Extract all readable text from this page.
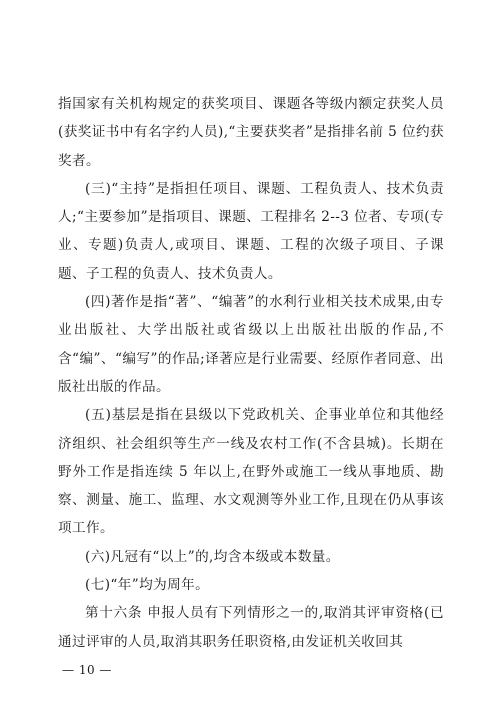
指国家有关机构规定的获奖项目、课题各等级内额定获奖人员(获奖证书中有名字约人员),“主要获奖者”是指排名前 5 位约获奖者。

(三)“主持”是指担任项目、课题、工程负责人、技术负责人;“主要参加”是指项目、课题、工程排名 2--3 位者、专项(专业、专题)负责人,或项目、课题、工程的次级子项目、子课题、子工程的负责人、技术负责人。

(四)著作是指“著”、“编著”的水利行业相关技术成果,由专业出版社、大学出版社或省级以上出版社出版的作品,不含“编”、“编写”的作品;译著应是行业需要、经原作者同意、出版社出版的作品。

(五)基层是指在县级以下党政机关、企事业单位和其他经济组织、社会组织等生产一线及农村工作(不含县城)。长期在野外工作是指连续 5 年以上,在野外或施工一线从事地质、勘察、测量、施工、监理、水文观测等外业工作,且现在仍从事该项工作。

(六)凡冠有“以上”的,均含本级或本数量。

(七)“年”均为周年。

第十六条 申报人员有下列情形之一的,取消其评审资格(已通过评审的人员,取消其职务任职资格,由发证机关收回其

— 10 —
